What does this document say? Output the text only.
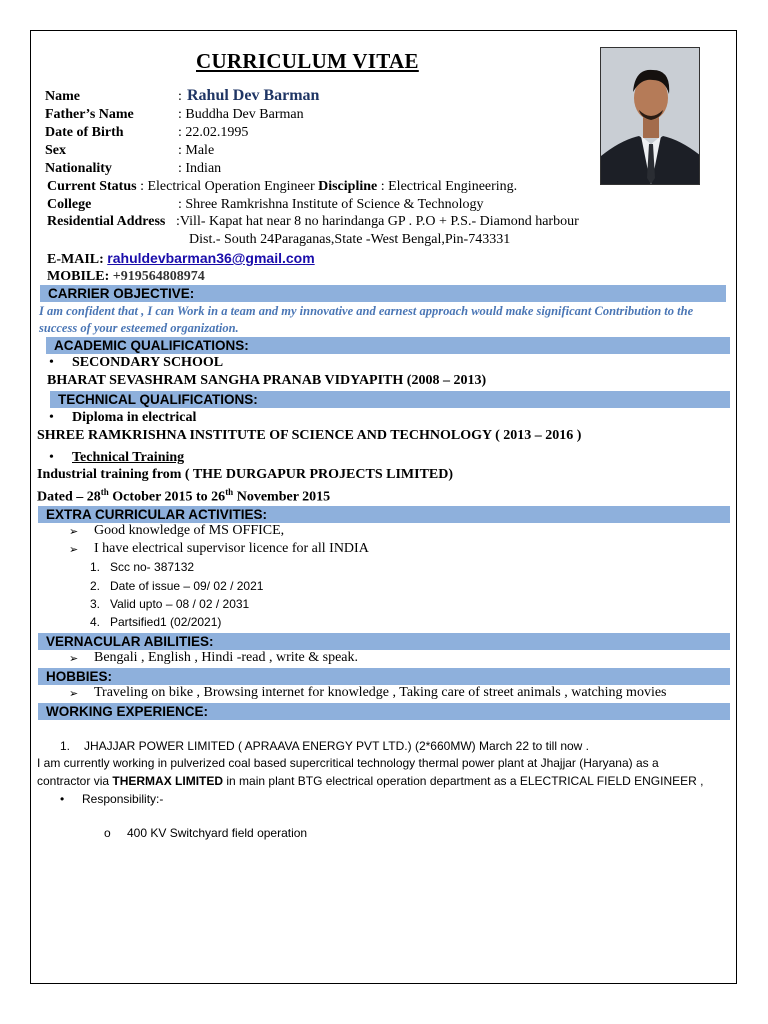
CURRICULUM VITAE
Name	: Rahul Dev Barman
Father’s Name	: Buddha Dev Barman
Date of Birth	: 22.02.1995
Sex	: Male
Nationality	: Indian
Current Status : Electrical Operation Engineer Discipline : Electrical Engineering.
College	: Shree Ramkrishna Institute of Science & Technology
Residential Address :Vill- Kapat hat near 8 no harindanga GP . P.O + P.S.- Diamond harbour
Dist.- South 24Paraganas,State -West Bengal,Pin-743331
E-MAIL: rahuldevbarman36@gmail.com
MOBILE: +919564808974
CARRIER OBJECTIVE:
I am confident that , I can Work in a team and my innovative and earnest approach would make significant Contribution to the success of your esteemed organization.
ACADEMIC QUALIFICATIONS:
• SECONDARY SCHOOL
BHARAT SEVASHRAM SANGHA PRANAB VIDYAPITH (2008 – 2013)
TECHNICAL QUALIFICATIONS:
• Diploma in electrical
SHREE RAMKRISHNA INSTITUTE OF SCIENCE AND TECHNOLOGY ( 2013 – 2016 )
• Technical Training
Industrial training from ( THE DURGAPUR PROJECTS LIMITED)
Dated – 28th October 2015 to 26th November 2015
EXTRA CURRICULAR ACTIVITIES:
➢ Good knowledge of MS OFFICE,
➢ I have electrical supervisor licence for all INDIA
1. Scc no- 387132
2. Date of issue – 09/ 02 / 2021
3. Valid upto – 08 / 02 / 2031
4. Partsified1 (02/2021)
VERNACULAR ABILITIES:
➢ Bengali , English , Hindi -read , write & speak.
HOBBIES:
➢ Traveling on bike , Browsing internet for knowledge , Taking care of street animals , watching movies
WORKING EXPERIENCE:
1. JHAJJAR POWER LIMITED ( APRAAVA ENERGY PVT LTD.) (2*660MW) March 22 to till now .
I am currently working in pulverized coal based supercritical technology thermal power plant at Jhajjar (Haryana) as a
contractor via THERMAX LIMITED in main plant BTG electrical operation department as a ELECTRICAL FIELD ENGINEER ,
• Responsibility:-
o 400 KV Switchyard field operation
